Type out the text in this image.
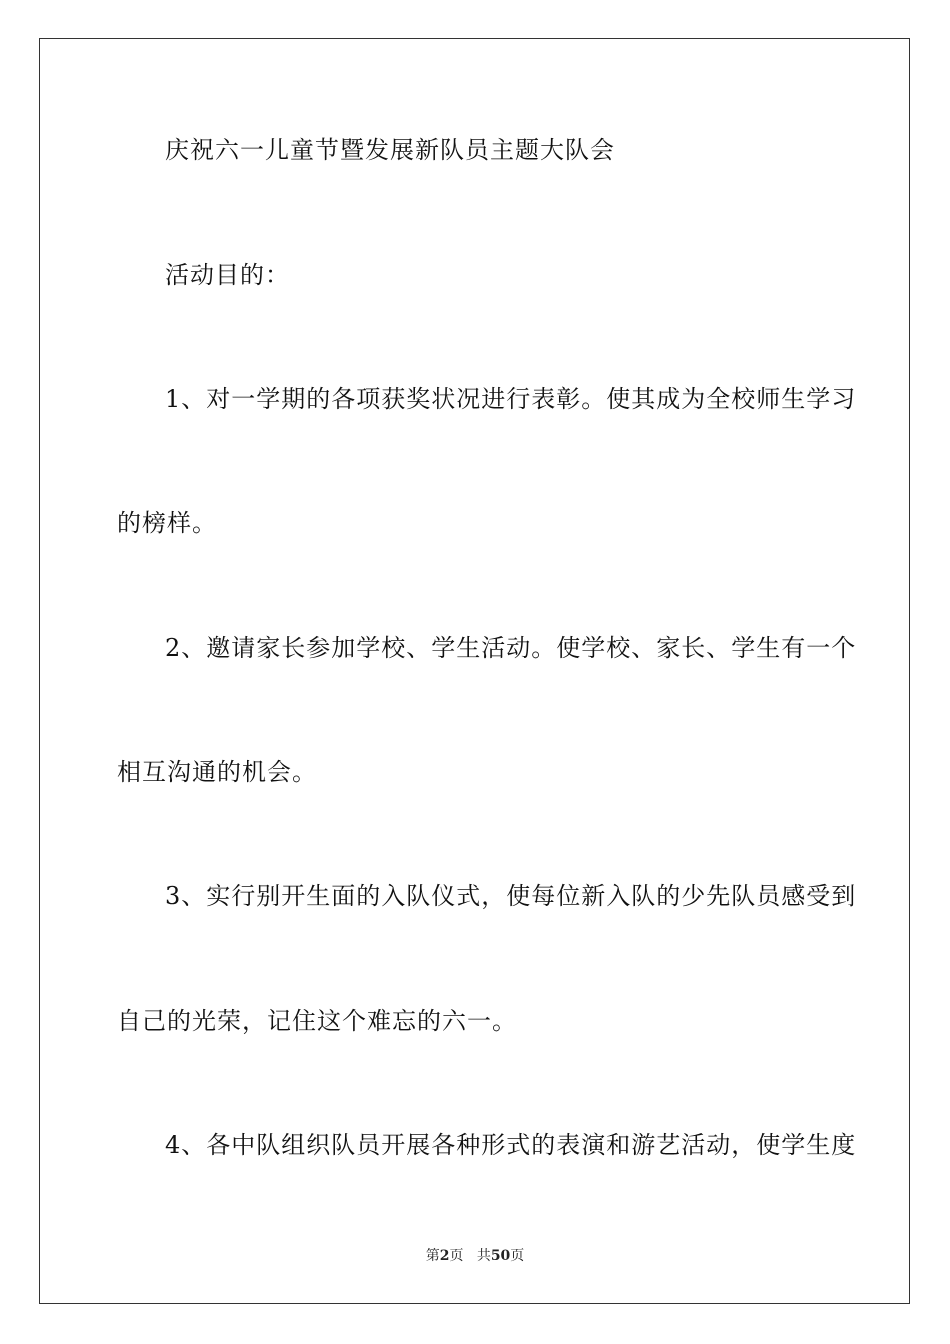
庆祝六一儿童节暨发展新队员主题大队会
活动目的：
1、对一学期的各项获奖状况进行表彰。使其成为全校师生学习
的榜样。
2、邀请家长参加学校、学生活动。使学校、家长、学生有一个
相互沟通的机会。
3、实行别开生面的入队仪式，使每位新入队的少先队员感受到
自己的光荣，记住这个难忘的六一。
4、各中队组织队员开展各种形式的表演和游艺活动，使学生度
第2页 共50页
